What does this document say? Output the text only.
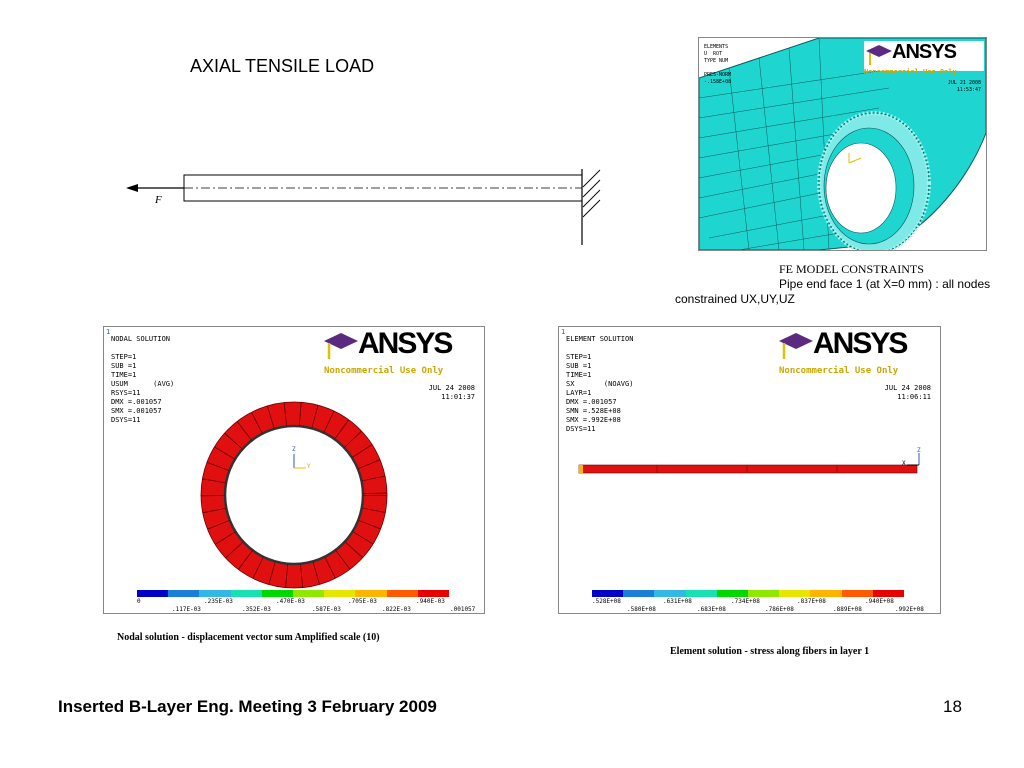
AXIAL TENSILE LOAD
F
ELEMENTS
U  ROT
TYPE NUM

PRES-NORM
-.158E+08
ANSYS
Noncommercial Use Only
JUL 21 2008
11:53:47
FE MODEL CONSTRAINTS
Pipe end face 1 (at X=0 mm) : all nodes
constrained UX,UY,UZ
1
NODAL SOLUTION

STEP=1
SUB =1
TIME=1
USUM      (AVG)
RSYS=11
DMX =.001057
SMX =.001057
DSYS=11
ANSYS
Noncommercial Use Only
JUL 24 2008
11:01:37
Z
Y
0	.235E-03	.470E-03	.705E-03	.940E-03
.117E-03	.352E-03	.587E-03	.822E-03	.001057
Nodal solution - displacement vector sum Amplified scale (10)
1
ELEMENT SOLUTION

STEP=1
SUB =1
TIME=1
SX       (NOAVG)
LAYR=1
DMX =.001057
SMN =.528E+08
SMX =.992E+08
DSYS=11
ANSYS
Noncommercial Use Only
JUL 24 2008
11:06:11
Z
X
.528E+08	.631E+08	.734E+08	.837E+08	.940E+08
.580E+08	.683E+08	.786E+08	.889E+08	.992E+08
Element solution - stress along fibers in layer 1
Inserted B-Layer Eng. Meeting 3 February 2009	18
